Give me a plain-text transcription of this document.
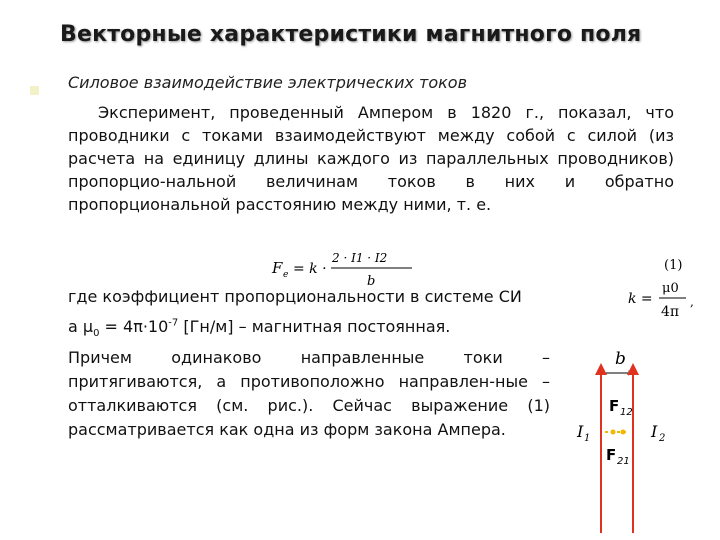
Векторные характеристики магнитного поля
Силовое взаимодействие электрических токов

Эксперимент, проведенный Ампером в 1820 г., показал, что проводники с токами взаимодействуют между собой с силой (из расчета на единицу длины каждого из параллельных проводников) пропорцио-нальной величинам токов в них и обратно пропорциональной расстоянию между ними, т. е.

F e = k ·
2 · I1 · I2
b
(1)
где коэффициент пропорциональности в системе СИ	k =
μ0
4π
,
а $\mu_0 = 4\pi\cdot 10^{-7}$ [Гн/м] – магнитная постоянная.

Причем одинаково направленные токи – притягиваются, а противоположно направлен-ные – отталкиваются (см. рис.). Сейчас выражение (1) рассматривается как одна из форм закона Ампера.

b
F 12
F 21
I 1	I 2
